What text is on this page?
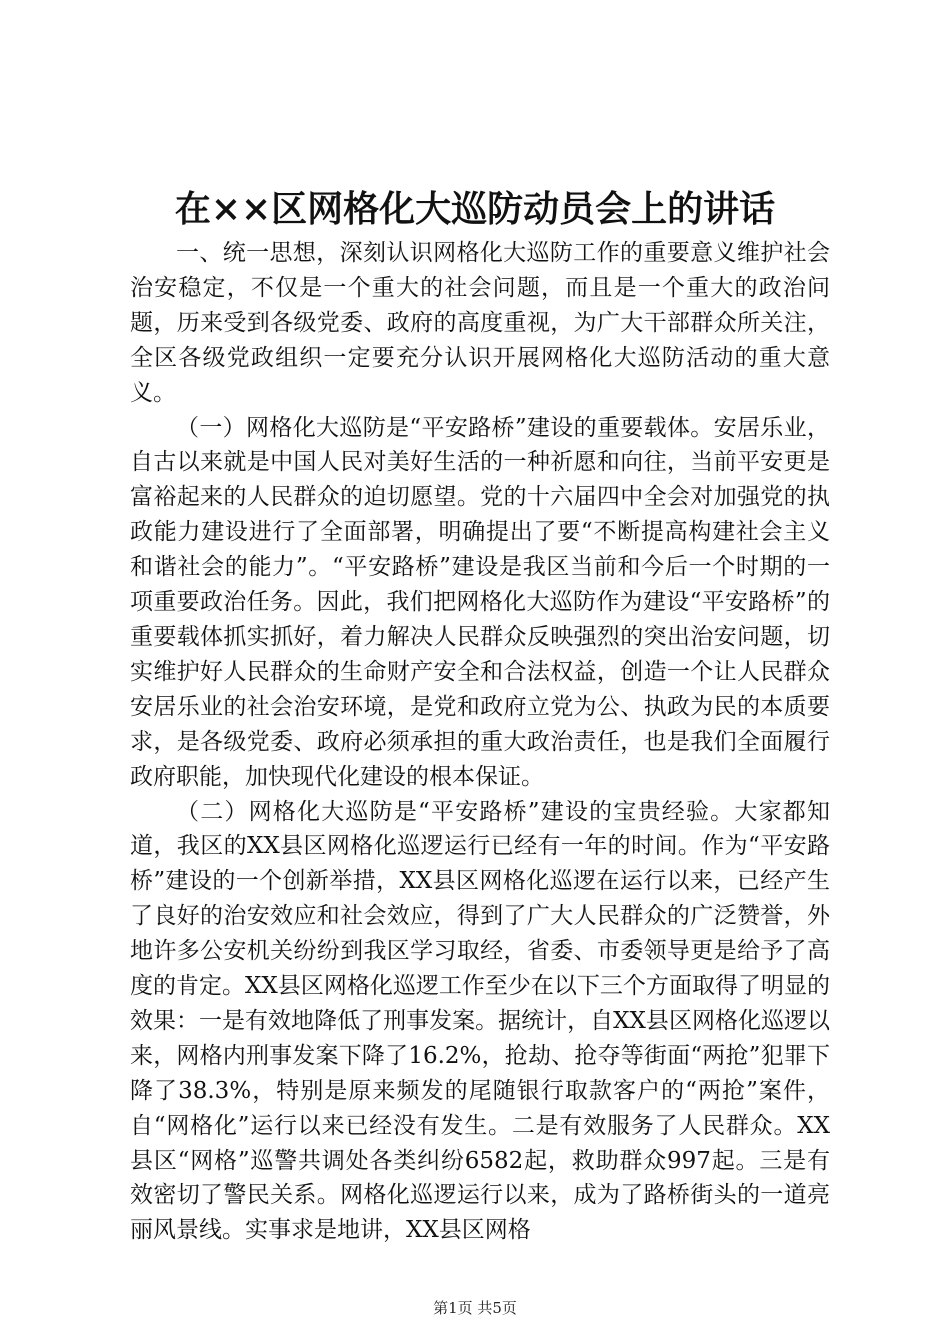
在××区网格化大巡防动员会上的讲话

一、统一思想，深刻认识网格化大巡防工作的重要意义维护社会治安稳定，不仅是一个重大的社会问题，而且是一个重大的政治问题，历来受到各级党委、政府的高度重视，为广大干部群众所关注，全区各级党政组织一定要充分认识开展网格化大巡防活动的重大意义。

（一）网格化大巡防是“平安路桥”建设的重要载体。安居乐业，自古以来就是中国人民对美好生活的一种祈愿和向往，当前平安更是富裕起来的人民群众的迫切愿望。党的十六届四中全会对加强党的执政能力建设进行了全面部署，明确提出了要“不断提高构建社会主义和谐社会的能力”。“平安路桥”建设是我区当前和今后一个时期的一项重要政治任务。因此，我们把网格化大巡防作为建设“平安路桥”的重要载体抓实抓好，着力解决人民群众反映强烈的突出治安问题，切实维护好人民群众的生命财产安全和合法权益，创造一个让人民群众安居乐业的社会治安环境，是党和政府立党为公、执政为民的本质要求，是各级党委、政府必须承担的重大政治责任，也是我们全面履行政府职能，加快现代化建设的根本保证。

（二）网格化大巡防是“平安路桥”建设的宝贵经验。大家都知道，我区的XX县区网格化巡逻运行已经有一年的时间。作为“平安路桥”建设的一个创新举措，XX县区网格化巡逻在运行以来，已经产生了良好的治安效应和社会效应，得到了广大人民群众的广泛赞誉，外地许多公安机关纷纷到我区学习取经，省委、市委领导更是给予了高度的肯定。XX县区网格化巡逻工作至少在以下三个方面取得了明显的效果：一是有效地降低了刑事发案。据统计，自XX县区网格化巡逻以来，网格内刑事发案下降了16.2%，抢劫、抢夺等街面“两抢”犯罪下降了38.3%，特别是原来频发的尾随银行取款客户的“两抢”案件，自“网格化”运行以来已经没有发生。二是有效服务了人民群众。XX县区“网格”巡警共调处各类纠纷6582起，救助群众997起。三是有效密切了警民关系。网格化巡逻运行以来，成为了路桥街头的一道亮丽风景线。实事求是地讲，XX县区网格

第1页 共5页
